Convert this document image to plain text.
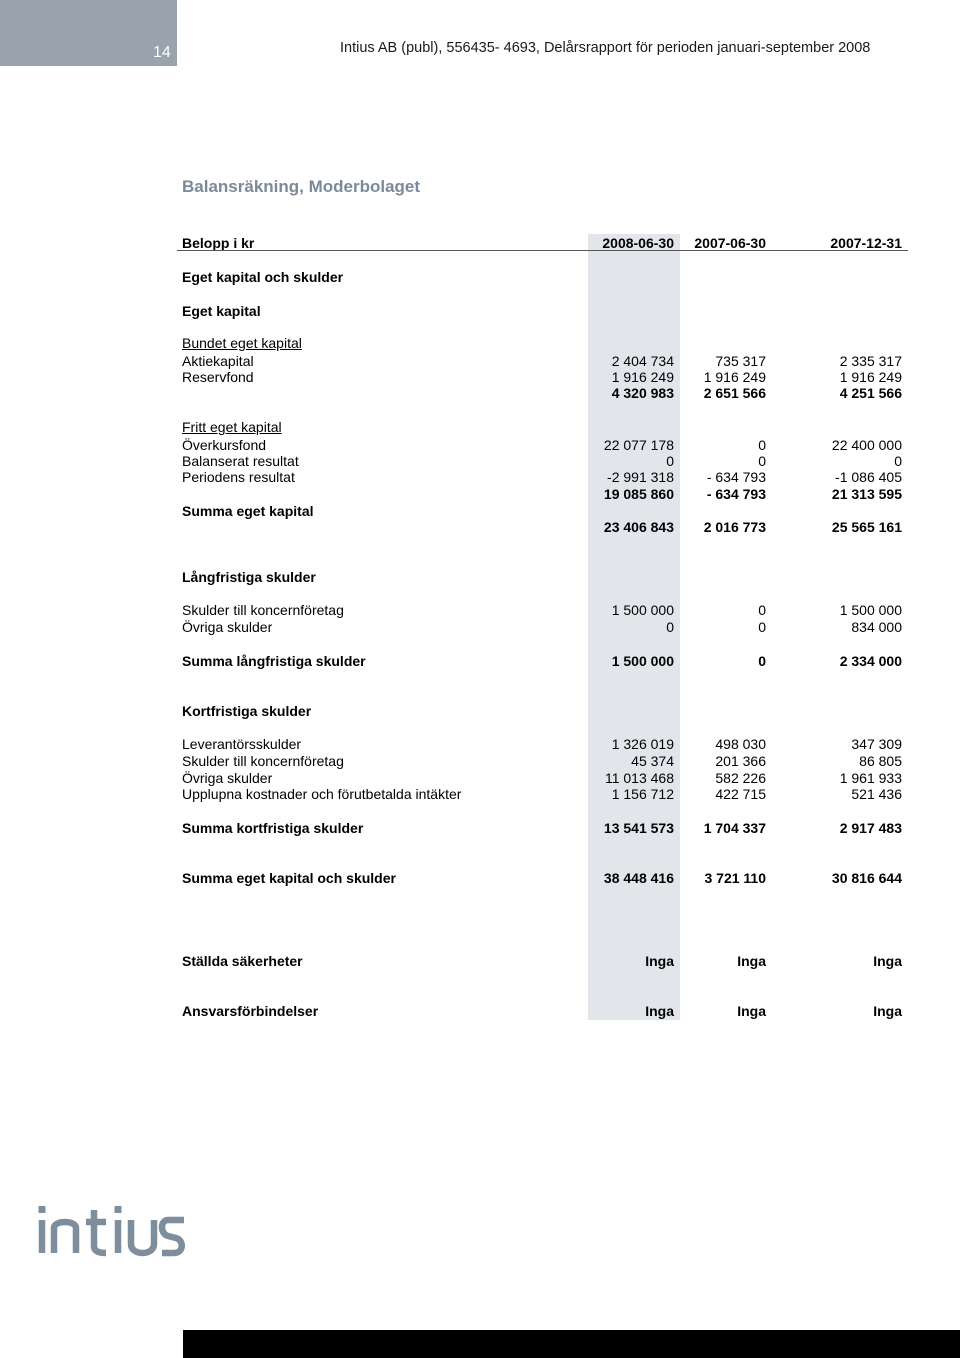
14	Intius AB (publ), 556435- 4693, Delårsrapport för perioden januari-september 2008
Balansräkning, Moderbolaget
Belopp i kr	2008-06-30	2007-06-30	2007-12-31
Eget kapital och skulder
Eget kapital
Bundet eget kapital
Aktiekapital	2 404 734	735 317	2 335 317
Reservfond	1 916 249	1 916 249	1 916 249
4 320 983	2 651 566	4 251 566
Fritt eget kapital
Överkursfond	22 077 178	0	22 400 000
Balanserat resultat	0	0	0
Periodens resultat	-2 991 318	- 634 793	-1 086 405
19 085 860	- 634 793	21 313 595
Summa eget kapital
23 406 843	2 016 773	25 565 161
Långfristiga skulder
Skulder till koncernföretag	1 500 000	0	1 500 000
Övriga skulder	0	0	834 000
Summa långfristiga skulder	1 500 000	0	2 334 000
Kortfristiga skulder
Leverantörsskulder	1 326 019	498 030	347 309
Skulder till koncernföretag	45 374	201 366	86 805
Övriga skulder	11 013 468	582 226	1 961 933
Upplupna kostnader och förutbetalda intäkter	1 156 712	422 715	521 436
Summa kortfristiga skulder	13 541 573	1 704 337	2 917 483
Summa eget kapital och skulder	38 448 416	3 721 110	30 816 644
Ställda säkerheter	Inga	Inga	Inga
Ansvarsförbindelser	Inga	Inga	Inga
